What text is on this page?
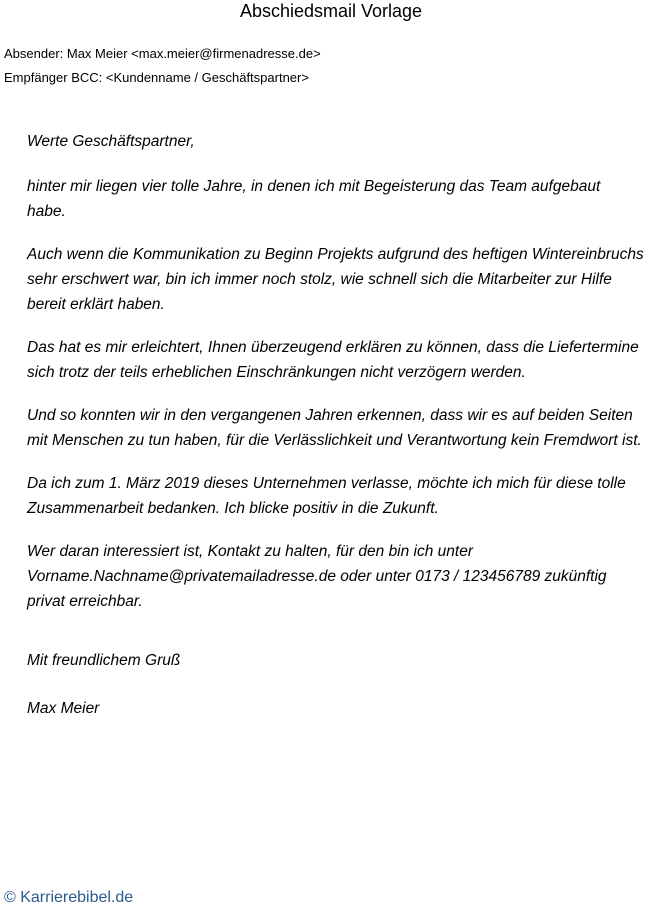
Abschiedsmail Vorlage
Absender: Max Meier <max.meier@firmenadresse.de>
Empfänger BCC: <Kundenname / Geschäftspartner>

Werte Geschäftspartner,

hinter mir liegen vier tolle Jahre, in denen ich mit Begeisterung das Team aufgebaut

habe.

Auch wenn die Kommunikation zu Beginn Projekts aufgrund des heftigen Wintereinbruchs

sehr erschwert war, bin ich immer noch stolz, wie schnell sich die Mitarbeiter zur Hilfe

bereit erklärt haben.

Das hat es mir erleichtert, Ihnen überzeugend erklären zu können, dass die Liefertermine

sich trotz der teils erheblichen Einschränkungen nicht verzögern werden.

Und so konnten wir in den vergangenen Jahren erkennen, dass wir es auf beiden Seiten

mit Menschen zu tun haben, für die Verlässlichkeit und Verantwortung kein Fremdwort ist.

Da ich zum 1. März 2019 dieses Unternehmen verlasse, möchte ich mich für diese tolle

Zusammenarbeit bedanken. Ich blicke positiv in die Zukunft.

Wer daran interessiert ist, Kontakt zu halten, für den bin ich unter

Vorname.Nachname@privatemailadresse.de oder unter 0173 / 123456789 zukünftig

privat erreichbar.

Mit freundlichem Gruß

Max Meier

© Karrierebibel.de
